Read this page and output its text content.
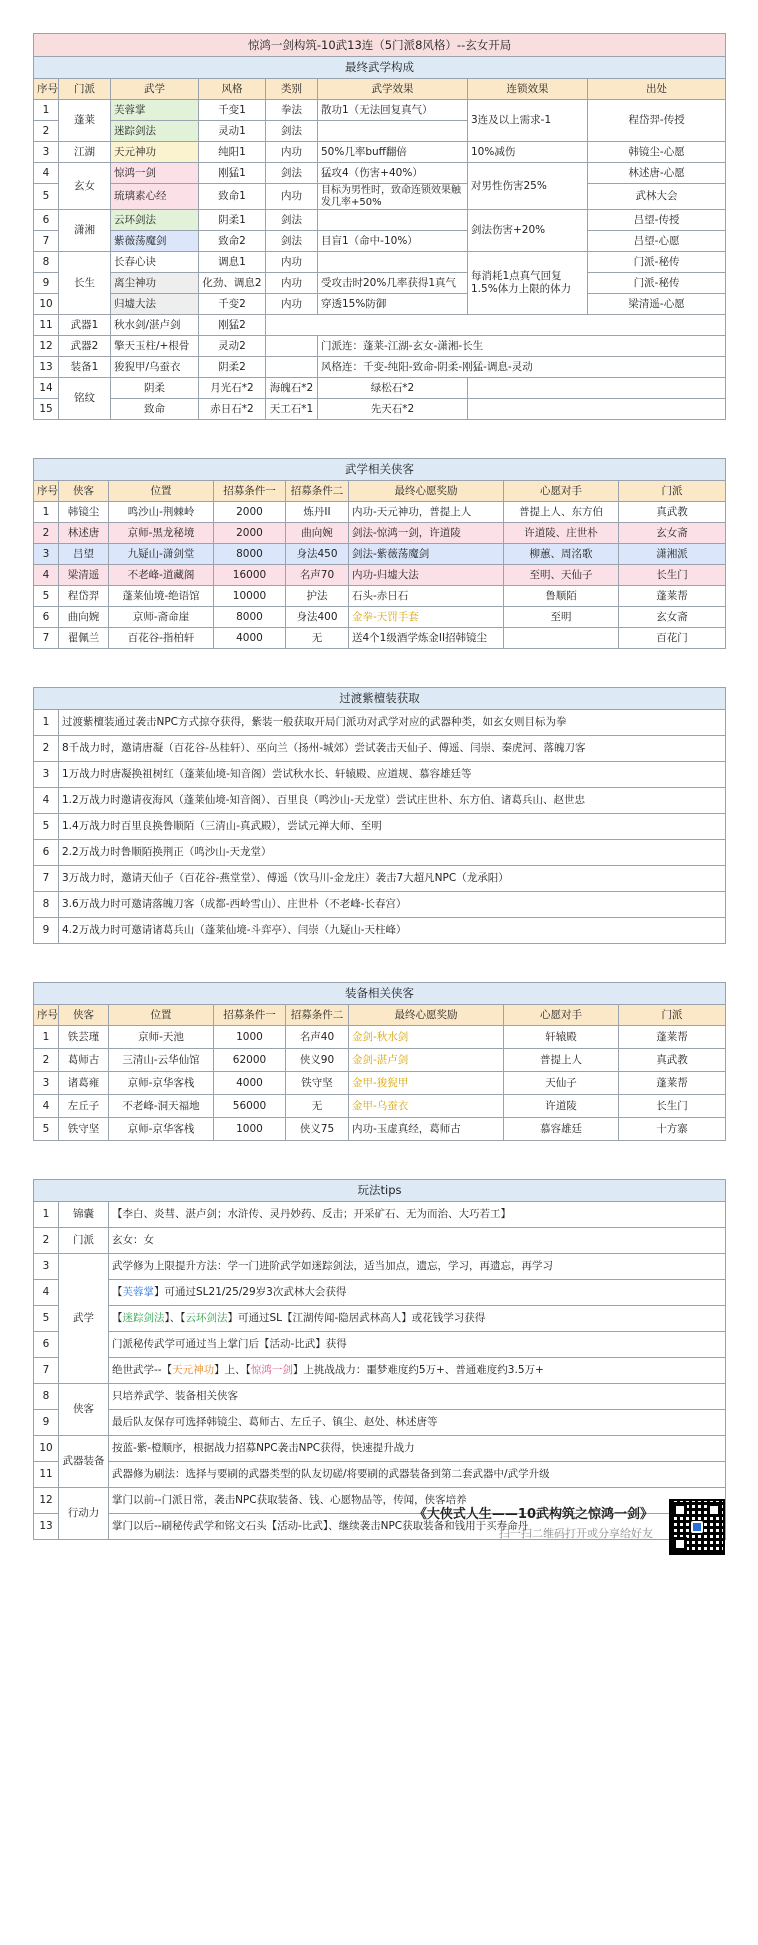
惊鸿一剑构筑-10武13连（5门派8风格）--玄女开局							
最终武学构成							
序号	门派	武学	风格	类别	武学效果	连锁效果	出处
1	蓬莱	芙蓉掌	千变1	拳法	散功1（无法回复真气）	3连及以上需求-1	程岱羿-传授
2		迷踪剑法	灵动1	剑法			
3	江湖	天元神功	纯阳1	内功	50%几率buff翻倍	10%减伤	韩镜尘-心愿
4	玄女	惊鸿一剑	刚猛1	剑法	猛攻4（伤害+40%）	对男性伤害25%	林述唐-心愿
5		琉璃素心经	致命1	内功	目标为男性时，致命连锁效果触发几率+50%		武林大会
6	潇湘	云环剑法	阴柔1	剑法		剑法伤害+20%	吕望-传授
7		紫薇荡魔剑	致命2	剑法	目盲1（命中-10%）		吕望-心愿
8	长生	长春心诀	调息1	内功		每消耗1点真气回复1.5%体力上限的体力	门派-秘传
9		离尘神功	化劲、调息2	内功	受攻击时20%几率获得1真气		门派-秘传
10		归墟大法	千变2	内功	穿透15%防御		梁清遥-心愿
11	武器1	秋水剑/湛卢剑	刚猛2				
12	武器2	擎天玉柱/+根骨	灵动2		门派连：蓬莱-江湖-玄女-潇湘-长生		
13	装备1	狻猊甲/乌蚕衣	阴柔2		风格连：千变-纯阳-致命-阴柔-刚猛-调息-灵动		
14	铭纹	阴柔	月光石*2	海魄石*2	绿松石*2		
15		致命	赤日石*2	天工石*1	先天石*2		
武学相关侠客							
序号	侠客	位置	招募条件一	招募条件二	最终心愿奖励	心愿对手	门派
1	韩镜尘	鸣沙山-荆棘岭	2000	炼丹II	内功-天元神功，普提上人	普提上人、东方伯	真武教
2	林述唐	京师-黑龙秘境	2000	曲向婉	剑法-惊鸿一剑，许道陵	许道陵、庄世朴	玄女斋
3	吕望	九疑山-潇剑堂	8000	身法450	剑法-紫薇荡魔剑	柳蕙、周洺歌	潇湘派
4	梁清遥	不老峰-道藏阁	16000	名声70	内功-归墟大法	至明、天仙子	长生门
5	程岱羿	蓬莱仙境-绝语馆	10000	护法	石头-赤日石	鲁顺陌	蓬莱帮
6	曲向婉	京师-斋命崖	8000	身法400	金拳-天罚手套	至明	玄女斋
7	翟佩兰	百花谷-指柏轩	4000	无	送4个1级酒学炼金II招韩镜尘		百花门
过渡紫檀装获取	
1	过渡紫檀装通过袭击NPC方式掠夺获得，紫装一般获取开局门派功对武学对应的武器种类，如玄女则目标为拳
2	8千战力时，邀请唐凝（百花谷-丛桂轩）、巫向兰（扬州-城郊）尝试袭击天仙子、傅遥、闫崇、秦虎河、落魄刀客
3	1万战力时唐凝换祖树红（蓬莱仙境-知音阁）尝试秋水长、轩辕殿、应道规、慕容雄廷等
4	1.2万战力时邀请夜海风（蓬莱仙境-知音阁）、百里良（鸣沙山-天龙堂）尝试庄世朴、东方伯、诸葛兵山、赵世忠
5	1.4万战力时百里良换鲁顺陌（三清山-真武殿），尝试元禅大师、至明
6	2.2万战力时鲁顺陌换荆正（鸣沙山-天龙堂）
7	3万战力时，邀请天仙子（百花谷-燕堂堂）、傅遥（饮马川-金龙庄）袭击7大超凡NPC（龙承阳）
8	3.6万战力时可邀请落魄刀客（成都-西岭雪山）、庄世朴（不老峰-长春宫）
9	4.2万战力时可邀请诸葛兵山（蓬莱仙境-斗弈亭）、闫崇（九疑山-天柱峰）
装备相关侠客							
序号	侠客	位置	招募条件一	招募条件二	最终心愿奖励	心愿对手	门派
1	铁芸瑾	京师-天池	1000	名声40	金剑-秋水剑	轩辕殿	蓬莱帮
2	葛师古	三清山-云华仙馆	62000	侠义90	金剑-湛卢剑	普提上人	真武教
3	诸葛雍	京师-京华客栈	4000	铁守坚	金甲-狻猊甲	天仙子	蓬莱帮
4	左丘子	不老峰-洞天福地	56000	无	金甲-乌蚕衣	许道陵	长生门
5	铁守坚	京师-京华客栈	1000	侠义75	内功-玉虚真经，葛师古	慕容雄廷	十方寨
玩法tips		
1	锦囊	【李白、炎彗、湛卢剑；水浒传、灵丹妙药、反击；开采矿石、无为而治、大巧若工】
2	门派	玄女：女
3	武学	武学修为上限提升方法：学一门进阶武学如迷踪剑法，适当加点，遗忘，学习，再遗忘，再学习
4		【芙蓉掌】可通过SL21/25/29岁3次武林大会获得
5		【迷踪剑法】、【云环剑法】可通过SL【江湖传闻-隐居武林高人】或花钱学习获得
6		门派秘传武学可通过当上掌门后【活动-比武】获得
7		绝世武学--【天元神功】上、【惊鸿一剑】上挑战战力：噩梦难度约5万+、普通难度约3.5万+
8	侠客	只培养武学、装备相关侠客
9		最后队友保存可选择韩镜尘、葛师古、左丘子、镇尘、赵处、林述唐等
10	武器装备	按蓝-紫-橙顺序，根据战力招募NPC袭击NPC获得，快速提升战力
11		武器修为刷法：选择与要刷的武器类型的队友切磋/将要刷的武器装备到第二套武器中/武学升级
12	行动力	掌门以前--门派日常，袭击NPC获取装备、钱、心愿物品等，传闻，侠客培养
13		掌门以后--刷秘传武学和铭文石头【活动-比武】、继续袭击NPC获取装备和钱用于买寿命丹
《大侠式人生——10武构筑之惊鸿一剑》
扫一扫二维码打开或分享给好友
